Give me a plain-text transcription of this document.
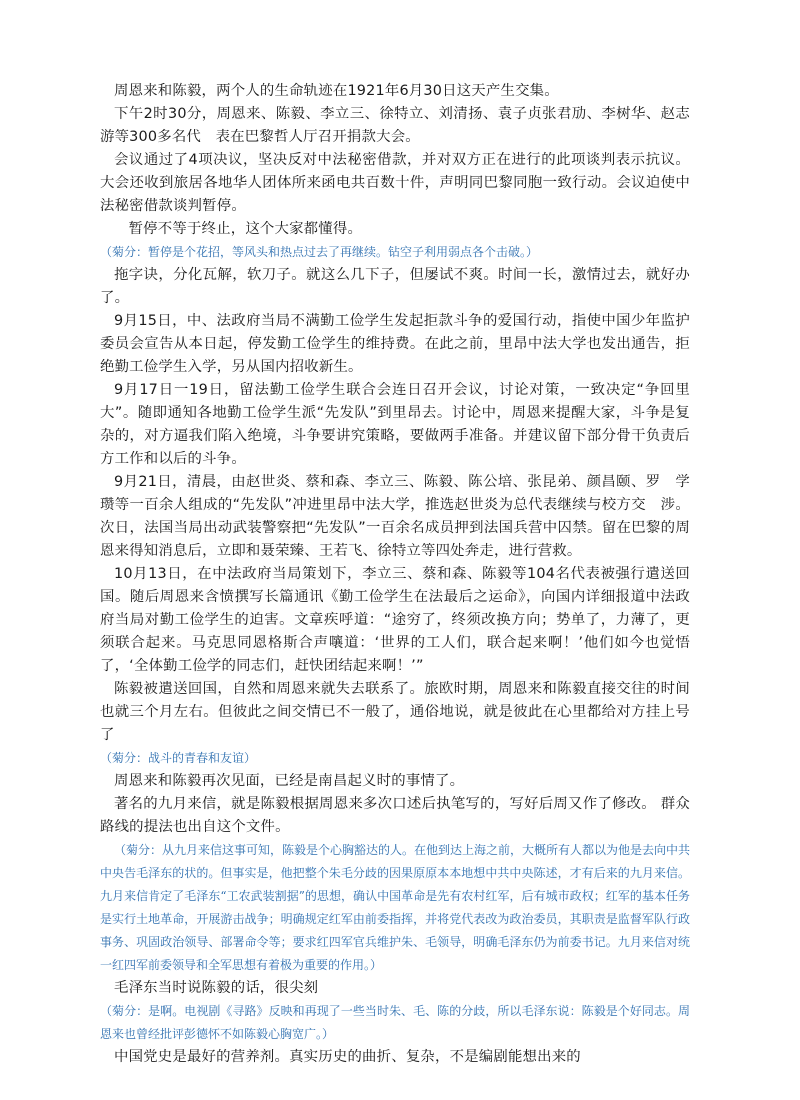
周恩来和陈毅，两个人的生命轨迹在1921年6月30日这天产生交集。

下午2时30分，周恩来、陈毅、李立三、徐特立、刘清扬、袁子贞张君劢、李树华、赵志游等300多名代　表在巴黎哲人厅召开捐款大会。

会议通过了4项决议，坚决反对中法秘密借款，并对双方正在进行的此项谈判表示抗议。大会还收到旅居各地华人团体所来函电共百数十件，声明同巴黎同胞一致行动。会议迫使中法秘密借款谈判暂停。

　暂停不等于终止，这个大家都懂得。

（菊分：暂停是个花招，等风头和热点过去了再继续。钻空子利用弱点各个击破。）

拖字诀，分化瓦解，软刀子。就这么几下子，但屡试不爽。时间一长，激情过去，就好办了。

9月15日，中、法政府当局不满勤工俭学生发起拒款斗争的爱国行动，指使中国少年监护委员会宣告从本日起，停发勤工俭学生的维持费。在此之前，里昂中法大学也发出通告，拒绝勤工俭学生入学，另从国内招收新生。

9月17日一19日，留法勤工俭学生联合会连日召开会议，讨论对策，一致决定“争回里大”。随即通知各地勤工俭学生派“先发队”到里昂去。讨论中，周恩来提醒大家，斗争是复杂的，对方逼我们陷入绝境，斗争要讲究策略，要做两手准备。并建议留下部分骨干负责后方工作和以后的斗争。

9月21日，清晨，由赵世炎、蔡和森、李立三、陈毅、陈公培、张昆弟、颜昌颐、罗　学瓒等一百余人组成的“先发队”冲进里昂中法大学，推选赵世炎为总代表继续与校方交　涉。次日，法国当局出动武装警察把“先发队”一百余名成员押到法国兵营中囚禁。留在巴黎的周恩来得知消息后，立即和聂荣臻、王若飞、徐特立等四处奔走，进行营救。

10月13日，在中法政府当局策划下，李立三、蔡和森、陈毅等104名代表被强行遣送回国。随后周恩来含愤撰写长篇通讯《勤工俭学生在法最后之运命》，向国内详细报道中法政府当局对勤工俭学生的迫害。文章疾呼道：“途穷了，终须改换方向；势单了，力薄了，更须联合起来。马克思同恩格斯合声嚷道：‘世界的工人们，联合起来啊！’他们如今也觉悟了，‘全体勤工俭学的同志们，赶快团结起来啊！’”

陈毅被遣送回国，自然和周恩来就失去联系了。旅欧时期，周恩来和陈毅直接交往的时间也就三个月左右。但彼此之间交情已不一般了，通俗地说，就是彼此在心里都给对方挂上号了

（菊分：战斗的青春和友谊）

周恩来和陈毅再次见面，已经是南昌起义时的事情了。

著名的九月来信，就是陈毅根据周恩来多次口述后执笔写的，写好后周又作了修改。 群众路线的提法也出自这个文件。

（菊分：从九月来信这事可知，陈毅是个心胸豁达的人。在他到达上海之前，大概所有人都以为他是去向中共中央告毛泽东的状的。但事实是，他把整个朱毛分歧的因果原原本本地想中共中央陈述，才有后来的九月来信。九月来信肯定了毛泽东“工农武装割据”的思想，确认中国革命是先有农村红军，后有城市政权；红军的基本任务是实行土地革命，开展游击战争；明确规定红军由前委指挥，并将党代表改为政治委员，其职责是监督军队行政事务、巩固政治领导、部署命令等；要求红四军官兵维护朱、毛领导，明确毛泽东仍为前委书记。九月来信对统一红四军前委领导和全军思想有着极为重要的作用。）

毛泽东当时说陈毅的话，很尖刻

（菊分：是啊。电视剧《寻路》反映和再现了一些当时朱、毛、陈的分歧，所以毛泽东说：陈毅是个好同志。周恩来也曾经批评彭德怀不如陈毅心胸宽广。）

中国党史是最好的营养剂。真实历史的曲折、复杂，不是编剧能想出来的
